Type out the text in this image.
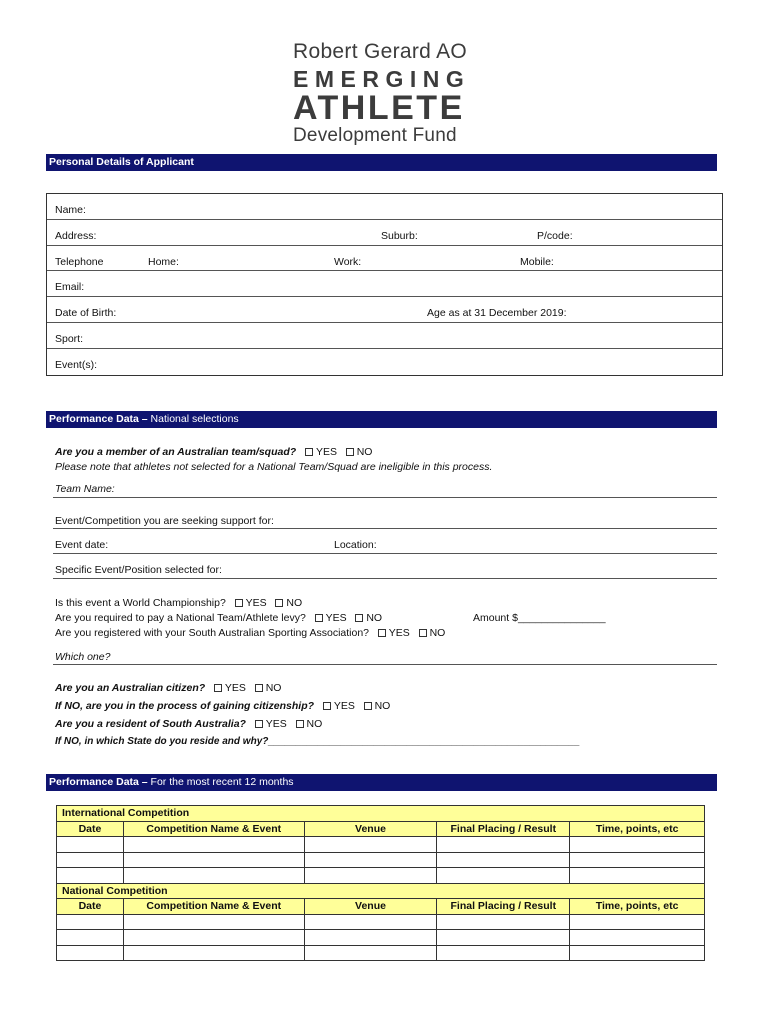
Robert Gerard AO
EMERGING
ATHLETE
Development Fund
Personal Details of Applicant
Name:
Address:	Suburb:	P/code:
Telephone	Home:	Work:	Mobile:
Email:
Date of Birth:	Age as at 31 December 2019:
Sport:
Event(s):
Performance Data – National selections
Are you a member of an Australian team/squad? YES NO
Please note that athletes not selected for a National Team/Squad are ineligible in this process.
Team Name:
Event/Competition you are seeking support for:
Event date:	Location:
Specific Event/Position selected for:
Is this event a World Championship? YES NO
Are you required to pay a National Team/Athlete levy? YES NO	Amount $_______________
Are you registered with your South Australian Sporting Association? YES NO
Which one?
Are you an Australian citizen? YES NO
If NO, are you in the process of gaining citizenship? YES NO
Are you a resident of South Australia? YES NO
If NO, in which State do you reside and why?________________________________________________________
Performance Data – For the most recent 12 months
International Competition				
Date	Competition Name & Event	Venue	Final Placing / Result	Time, points, etc

National Competition				
Date	Competition Name & Event	Venue	Final Placing / Result	Time, points, etc
